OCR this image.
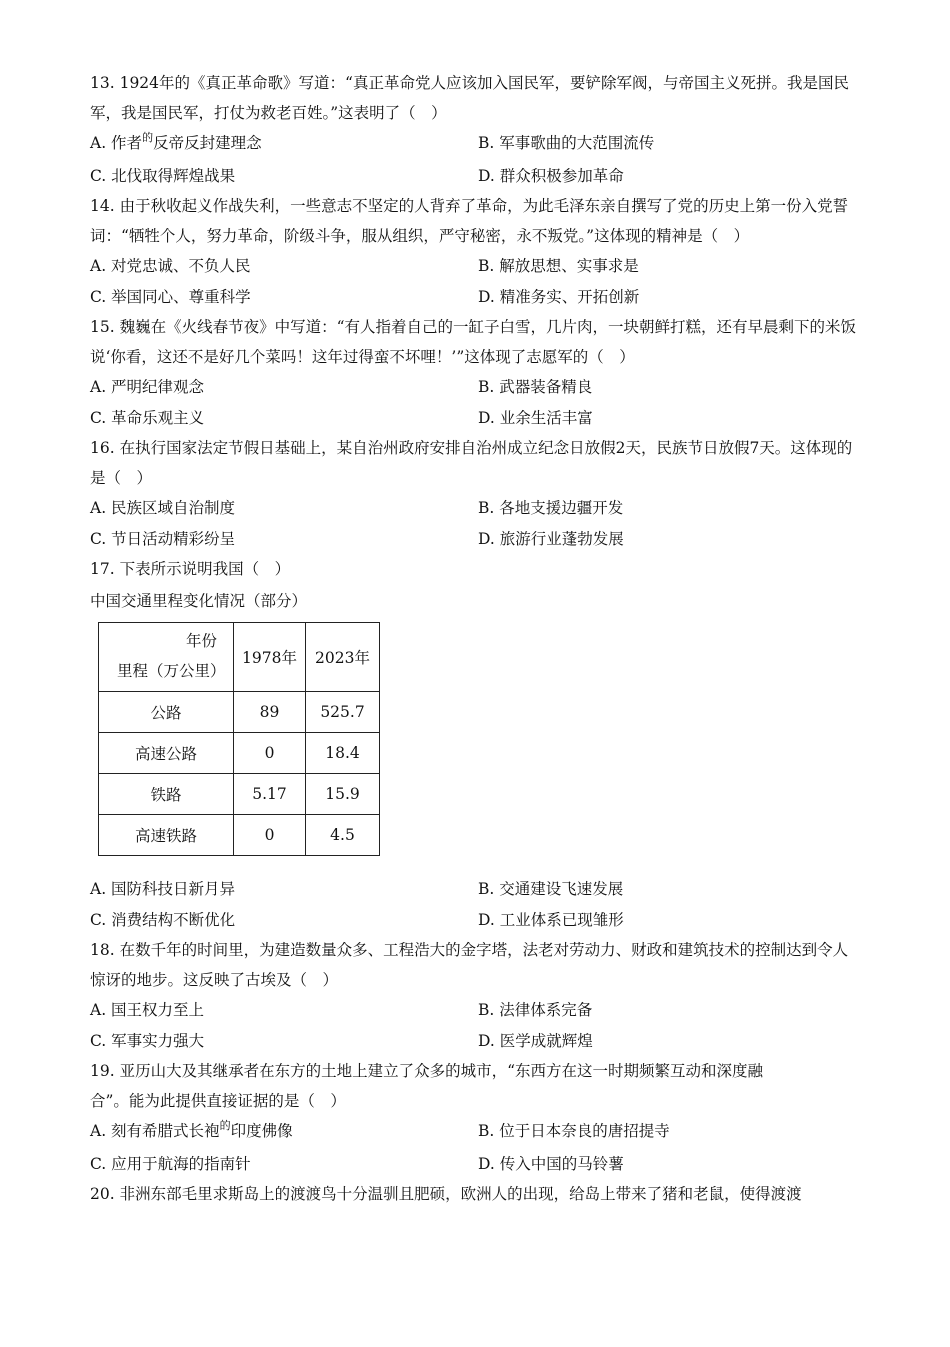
13. 1924年的《真正革命歌》写道：“真正革命党人应该加入国民军，要铲除军阀，与帝国主义死拼。我是国民军，我是国民军，打仗为救老百姓。”这表明了（　）

A. 作者$^的$反帝反封建理念	B. 军事歌曲的大范围流传
C. 北伐取得辉煌战果	D. 群众积极参加革命

14. 由于秋收起义作战失利，一些意志不坚定的人背弃了革命，为此毛泽东亲自撰写了党的历史上第一份入党誓词：“牺牲个人，努力革命，阶级斗争，服从组织，严守秘密，永不叛党。”这体现的精神是（　）

A. 对党忠诚、不负人民	B. 解放思想、实事求是
C. 举国同心、尊重科学	D. 精准务实、开拓创新

15. 魏巍在《火线春节夜》中写道：“有人指着自己的一缸子白雪，几片肉，一块朝鲜打糕，还有早晨剩下的米饭说‘你看，这还不是好几个菜吗！这年过得蛮不坏哩！’”这体现了志愿军的（　）

A. 严明纪律观念	B. 武器装备精良
C. 革命乐观主义	D. 业余生活丰富

16. 在执行国家法定节假日基础上，某自治州政府安排自治州成立纪念日放假2天，民族节日放假7天。这体现的是（　）

A. 民族区域自治制度	B. 各地支援边疆开发
C. 节日活动精彩纷呈	D. 旅游行业蓬勃发展

17. 下表所示说明我国（　）

中国交通里程变化情况（部分）
年份
里程（万公里）	1978年	2023年
公路	89	525.7
高速公路	0	18.4
铁路	5.17	15.9
高速铁路	0	4.5
A. 国防科技日新月异	B. 交通建设飞速发展
C. 消费结构不断优化	D. 工业体系已现雏形

18. 在数千年的时间里，为建造数量众多、工程浩大的金字塔，法老对劳动力、财政和建筑技术的控制达到令人惊讶的地步。这反映了古埃及（　）

A. 国王权力至上	B. 法律体系完备
C. 军事实力强大	D. 医学成就辉煌

19. 亚历山大及其继承者在东方的土地上建立了众多的城市，“东西方在这一时期频繁互动和深度融
合”。能为此提供直接证据的是（　）

A. 刻有希腊式长袍$^的$印度佛像	B. 位于日本奈良的唐招提寺
C. 应用于航海的指南针	D. 传入中国的马铃薯

20. 非洲东部毛里求斯岛上的渡渡鸟十分温驯且肥硕，欧洲人的出现，给岛上带来了猪和老鼠，使得渡渡
